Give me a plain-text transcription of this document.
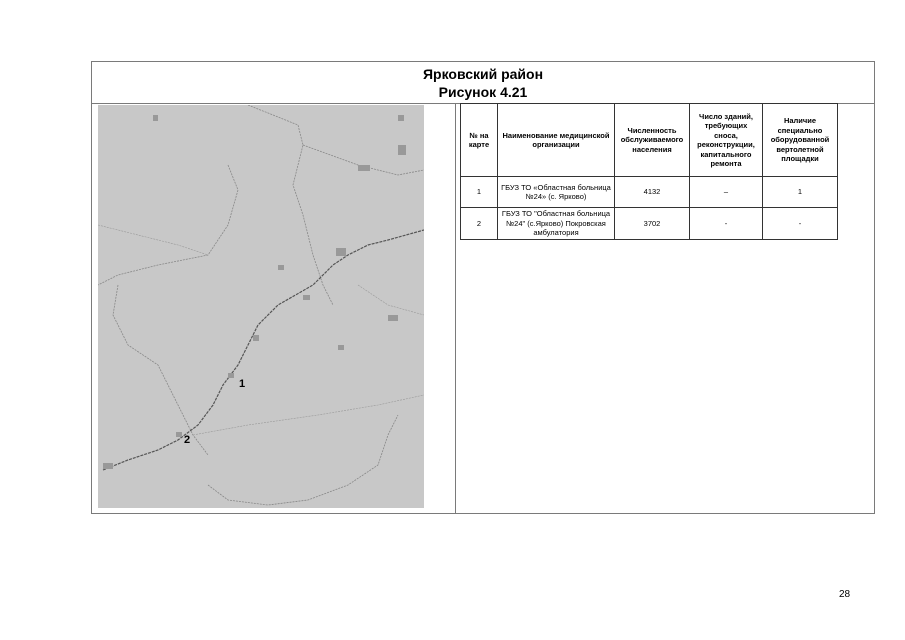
Ярковский район
Рисунок 4.21
1
2
№ на карте	Наименование медицинской организации	Численность обслуживаемого населения	Число зданий, требующих сноса, реконструкции, капитального ремонта	Наличие специально оборудованной вертолетной площадки
1	ГБУЗ ТО «Областная больница №24» (с. Ярково)	4132	–	1
2	ГБУЗ ТО "Областная больница №24" (с.Ярково) Покровская амбулатория	3702	-	-
28
